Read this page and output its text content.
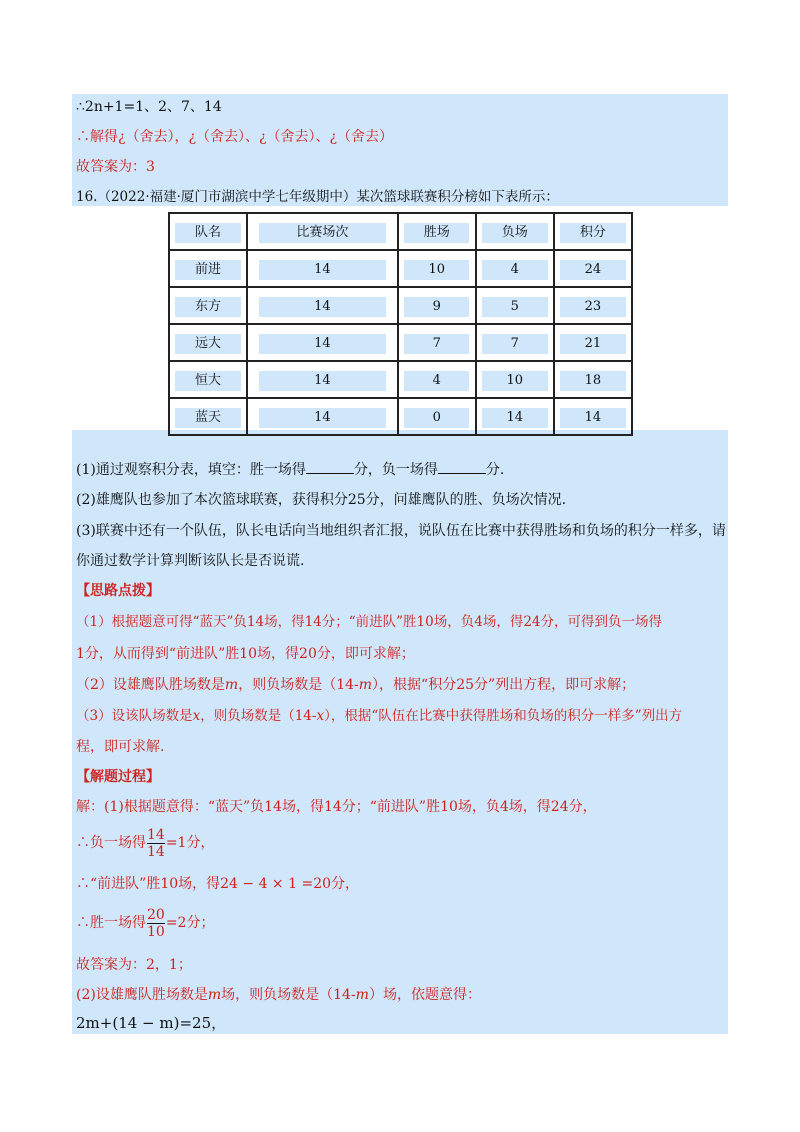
∴2n+1=1、2、7、14
∴解得¿（舍去），¿（舍去）、¿（舍去）、¿（舍去）
故答案为：3
16.（2022·福建·厦门市湖滨中学七年级期中）某次篮球联赛积分榜如下表所示：
队名	比赛场次	胜场	负场	积分
前进	14	10	4	24
东方	14	9	5	23
远大	14	7	7	21
恒大	14	4	10	18
蓝天	14	0	14	14
(1)通过观察积分表，填空：胜一场得	分，负一场得	分.
(2)雄鹰队也参加了本次篮球联赛，获得积分25分，问雄鹰队的胜、负场次情况.
(3)联赛中还有一个队伍，队长电话向当地组织者汇报，说队伍在比赛中获得胜场和负场的积分一样多，请
你通过数学计算判断该队长是否说谎.
【思路点拨】
（1）根据题意可得“蓝天”负14场，得14分；“前进队”胜10场，负4场，得24分，可得到负一场得
1分，从而得到“前进队”胜10场，得20分，即可求解；
（2）设雄鹰队胜场数是m，则负场数是（14-m），根据“积分25分”列出方程，即可求解；
（3）设该队场数是x，则负场数是（14-x），根据“队伍在比赛中获得胜场和负场的积分一样多”列出方
程，即可求解.
【解题过程】
解：(1)根据题意得：“蓝天”负14场，得14分；“前进队”胜10场，负4场，得24分，
∴负一场得 $\frac{14}{14} =1$分，
∴“前进队”胜10场，得24 − 4 × 1 =20分，
∴胜一场得 $\frac{20}{10} =2$分；
故答案为：2，1；
(2)设雄鹰队胜场数是m场，则负场数是（14-m）场，依题意得：
2m+(14 − m)=25，
